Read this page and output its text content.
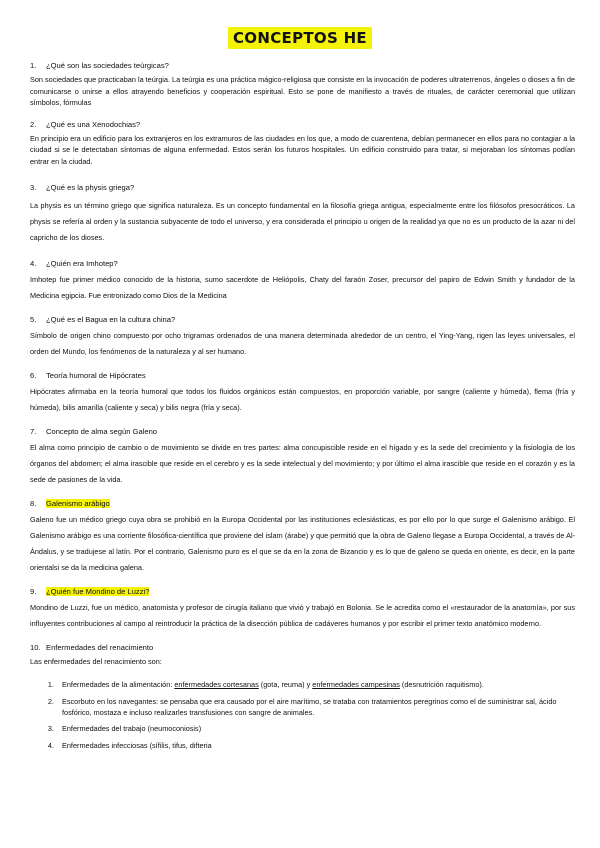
CONCEPTOS HE
1. ¿Qué son las sociedades teúrgicas?

Son sociedades que practicaban la teúrgia. La teúrgia es una práctica mágico-religiosa que consiste en la invocación de poderes ultraterrenos, ángeles o dioses a fin de comunicarse o unirse a ellos atrayendo beneficios y cooperación espiritual. Esto se pone de manifiesto a través de rituales, de carácter ceremonial que utilizan símbolos, fórmulas

2. ¿Qué es una Xenodochias?

En principio era un edificio para los extranjeros en los extramuros de las ciudades en los que, a modo de cuarentena, debían permanecer en ellos para no contagiar a la ciudad si se le detectaban síntomas de alguna enfermedad. Estos serán los futuros hospitales. Un edificio construido para tratar, si mejoraban los síntomas podían entrar en la ciudad.

3. ¿Qué es la physis griega?

La physis es un término griego que significa naturaleza. Es un concepto fundamental en la filosofía griega antigua, especialmente entre los filósofos presocráticos. La physis se refería al orden y la sustancia subyacente de todo el universo, y era considerada el principio u origen de la realidad ya que no es un producto de la azar ni del capricho de los dioses.

4. ¿Quién era Imhotep?

Imhotep fue primer médico conocido de la historia, sumo sacerdote de Heliópolis, Chaty del faraón Zoser, precursor del papiro de Edwin Smith y fundador de la Medicina egipcia. Fue entronizado como Dios de la Medicina

5. ¿Qué es el Bagua en la cultura china?

Símbolo de origen chino compuesto por ocho trigramas ordenados de una manera determinada alrededor de un centro, el Ying-Yang, rigen las leyes universales, el orden del Mundo, los fenómenos de la naturaleza y al ser humano.

6. Teoría humoral de Hipócrates

Hipócrates afirmaba en la teoría humoral que todos los fluidos orgánicos están compuestos, en proporción variable, por sangre (caliente y húmeda), flema (fría y húmeda), bilis amarilla (caliente y seca) y bilis negra (fría y seca).

7. Concepto de alma según Galeno

El alma como principio de cambio o de movimiento se divide en tres partes: alma concupiscible reside en el hígado y es la sede del crecimiento y la fisiología de los órganos del abdomen; el alma irascible que reside en el cerebro y es la sede intelectual y del movimiento; y por último el alma irascible que reside en el corazón y es la sede de pasiones de la vida.

8. Galenismo arábigo

Galeno fue un médico griego cuya obra se prohibió en la Europa Occidental por las instituciones eclesiásticas, es por ello por lo que surge el Galenismo arábigo. El Galenismo arábigo es una corriente filosófica-científica que proviene del islam (árabe) y que permitió que la obra de Galeno llegase a Europa Occidental, a través de Al-Ándalus, y se tradujese al latín. Por el contrario, Galenismo puro es el que se da en la zona de Bizancio y es lo que de galeno se queda en oriente, es decir, en la parte orientalsi se da la medicina galena.

9. ¿Quién fue Mondino de Luzzi?

Mondino de Luzzi, fue un médico, anatomista y profesor de cirugía italiano que vivió y trabajó en Bolonia. Se le acredita como el «restaurador de la anatomía», por sus influyentes contribuciones al campo al reintroducir la práctica de la disección pública de cadáveres humanos y por escribir el primer texto anatómico moderno.

10. Enfermedades del renacimiento

Las enfermedades del renacimiento son:

1. Enfermedades de la alimentación: enfermedades cortesanas (gota, reuma) y enfermedades campesinas (desnutrición raquitismo).
2. Escorbuto en los navegantes: se pensaba que era causado por el aire marítimo, se trataba con tratamientos peregrinos como el de suministrar sal, ácido fosfórico, mostaza e incluso realizarles transfusiones con sangre de animales.
3. Enfermedades del trabajo (neumoconiosis)
4. Enfermedades infecciosas (sífilis, tifus, difteria
